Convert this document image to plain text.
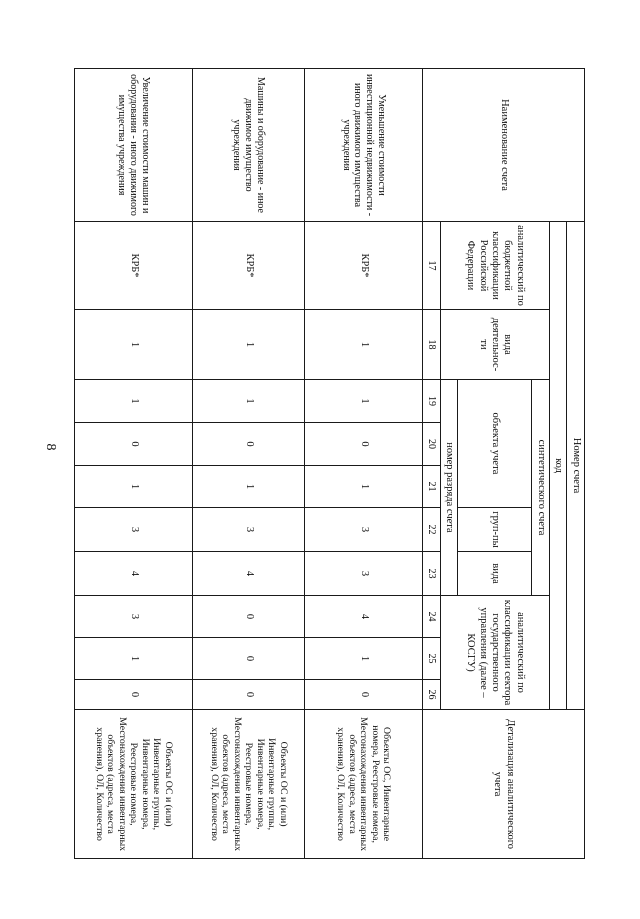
8
Наименование счета	Номер счета										Детализация аналитического учета
	код										
	аналитический по бюджетной классификации Российской Федерации	вида деятельнос-ти	синтетического счета					аналитический по классификации сектора государственного управления (далее – КОСГУ)			
			объекта учета			груп-пы	вида				
			номер разряда счета								
	17	18	19	20	21	22	23	24	25	26	
Уменьшение стоимости инвестиционной недвижимости - иного движимого имущества учреждения	КРБ*	1	1	0	1	3	3	4	1	0	Объекты ОС, Инвентарные номера, Реестровые номера, Местонахождения инвентарных объектов (адреса, места хранения), ОЛ, Количество
Машины и оборудование - иное движимое имущество учреждения	КРБ*	1	1	0	1	3	4	0	0	0	Объекты ОС и (или) Инвентарные группы, Инвентарные номера, Реестровые номера, Местонахождения инвентарных объектов (адреса, места хранения), ОЛ, Количество
Увеличение стоимости машин и оборудования - иного движимого имущества учреждения	КРБ*	1	1	0	1	3	4	3	1	0	Объекты ОС и (или) Инвентарные группы, Инвентарные номера, Реестровые номера, Местонахождения инвентарных объектов (адреса, места хранения), ОЛ, Количество
